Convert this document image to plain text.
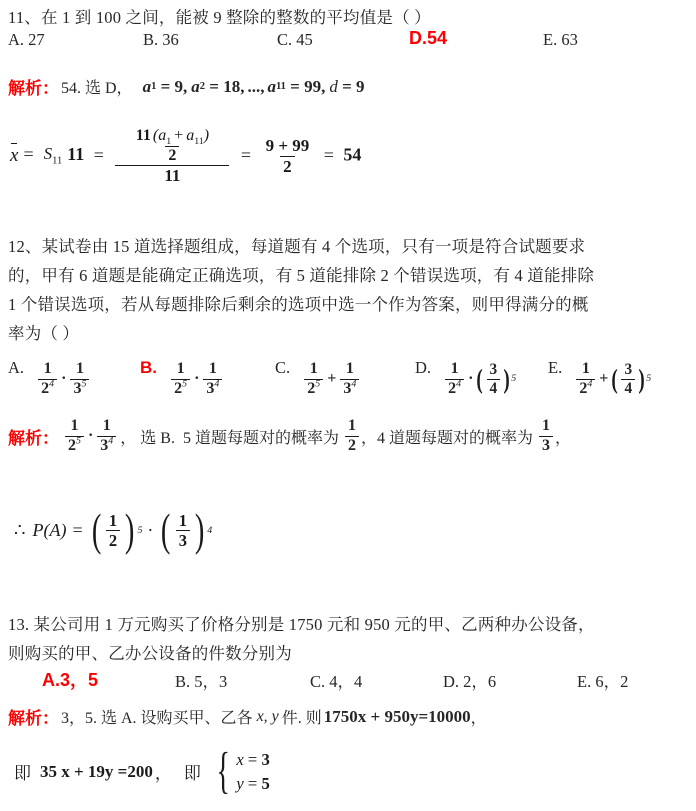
11、在 1 到 100 之间，能被 9 整除的整数的平均值是（ ）
A. 27	B. 36	C. 45	D.54	E. 63
解析 ： 54. 选 D， a 1 = 9 , a 2 = 18 , ..., a 11 = 99 , d = 9
$x = S_{11}$ $11 = \frac{\frac{11 (a_1 + a_{11})}{2}}{11} = \frac{9 + 99}{2} = 54$
12、某试卷由 15 道选择题组成，每道题有 4 个选项，只有一项是符合试题要求
的，甲有 6 道题是能确定正确选项，有 5 道能排除 2 个错误选项，有 4 道能排除
1 个错误选项，若从每题排除后剩余的选项中选一个作为答案，则甲得满分的概
率为（ ）
A. $\frac{1}{2^4} \cdot \frac{1}{3^5}$	B. $\frac{1}{2^5} \cdot \frac{1}{3^4}$	C. $\frac{1}{2^5} + \frac{1}{3^4}$	D. $\frac{1}{2^4}$ · ( $\frac{3}{4}$ ) 5
E. $\frac{1}{2^4}$ + ( $\frac{3}{4}$ ) 5
解析 ： $\frac{1}{2^5} \cdot \frac{1}{3^4}$ ， 选 B. 5 道题每题对的概率为 $\frac{1}{2}$ ， 4 道题每题对的概率为 $\frac{1}{3}$ ，
∴ P(A) = ( $\frac{1}{2}$ ) 5 · ( $\frac{1}{3}$ ) 4
13. 某公司用 1 万元购买了价格分别是 1750 元和 950 元的甲、乙两种办公设备，
则购买的甲、乙办公设备的件数分别为
A.3，5	B. 5，3	C. 4，4	D. 2，6	E. 6，2
解析 ： 3，5. 选 A. 设购买甲、乙各 x, y 件. 则 1750x + 950y=10000 ，
即 35 x + 19y =200 ， 即 { x = 3
y = 5
